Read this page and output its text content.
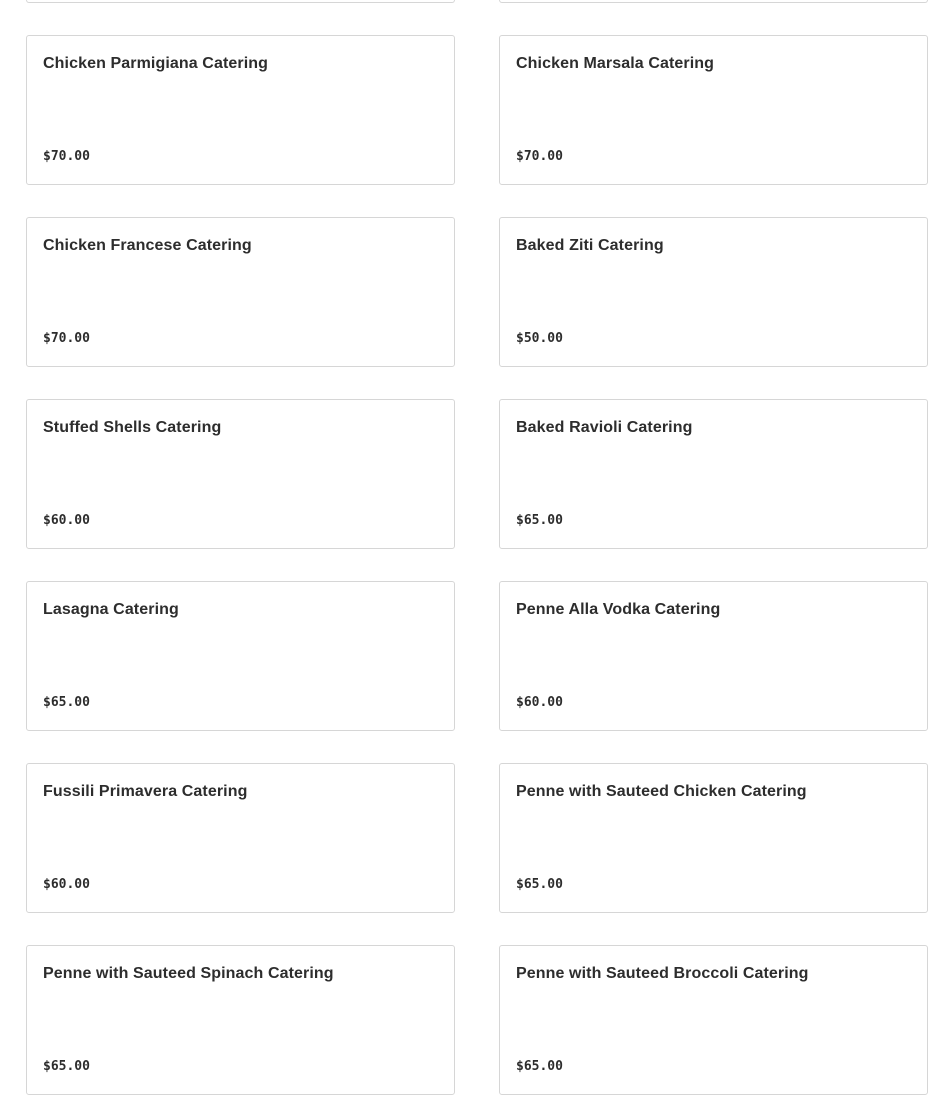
Chicken Parmigiana Catering
$70.00
Chicken Marsala Catering
$70.00
Chicken Francese Catering
$70.00
Baked Ziti Catering
$50.00
Stuffed Shells Catering
$60.00
Baked Ravioli Catering
$65.00
Lasagna Catering
$65.00
Penne Alla Vodka Catering
$60.00
Fussili Primavera Catering
$60.00
Penne with Sauteed Chicken Catering
$65.00
Penne with Sauteed Spinach Catering
$65.00
Penne with Sauteed Broccoli Catering
$65.00
